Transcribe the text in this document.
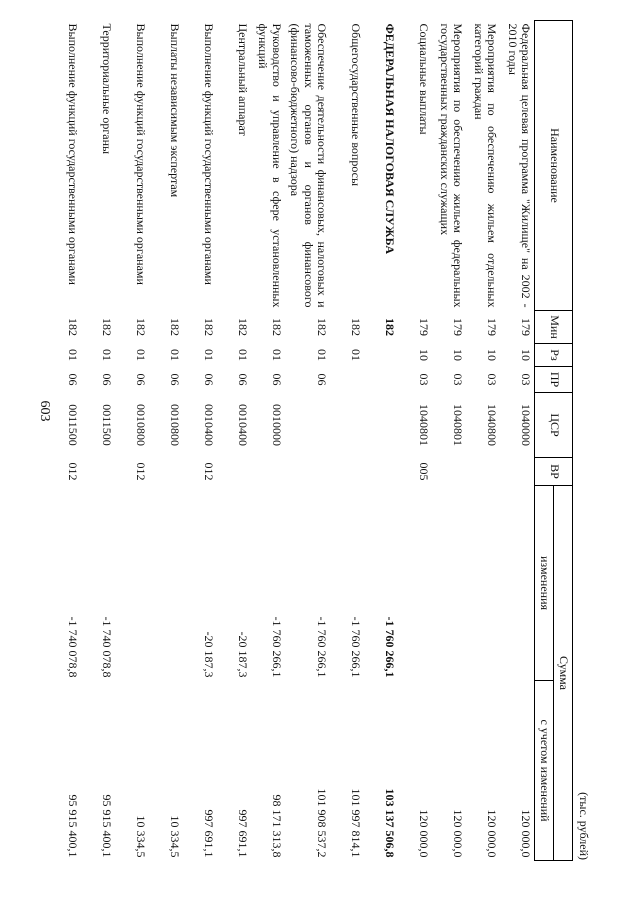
603
(тыс. рублей)
Наименование	Мин	Рз	ПР	ЦСР	ВР	Сумма	
						изменения	с учетом изменений
Федеральная целевая программа "Жилище" на 2002 - 2010 годы	179	10	03	1040000			120 000,0
Мероприятия по обеспечению жильем отдельных категорий граждан	179	10	03	1040800			120 000,0
Мероприятия по обеспечению жильем федеральных государственных гражданских служащих	179	10	03	1040801			120 000,0
Социальные выплаты	179	10	03	1040801	005		120 000,0
ФЕДЕРАЛЬНАЯ НАЛОГОВАЯ СЛУЖБА	182					-1 760 266,1	103 137 506,8
Общегосударственные вопросы	182	01				-1 760 266,1	101 997 814,1
Обеспечение деятельности финансовых, налоговых и таможенных органов и органов финансового (финансово-бюджетного) надзора	182	01	06			-1 760 266,1	101 908 537,2
Руководство и управление в сфере установленных функций	182	01	06	0010000		-1 760 266,1	98 171 313,8
Центральный аппарат	182	01	06	0010400		-20 187,3	997 691,1
Выполнение функций государственными органами	182	01	06	0010400	012	-20 187,3	997 691,1
Выплаты независимым экспертам	182	01	06	0010800			10 334,5
Выполнение функций государственными органами	182	01	06	0010800	012		10 334,5
Территориальные органы	182	01	06	0011500		-1 740 078,8	95 915 400,1
Выполнение функций государственными органами	182	01	06	0011500	012	-1 740 078,8	95 915 400,1
